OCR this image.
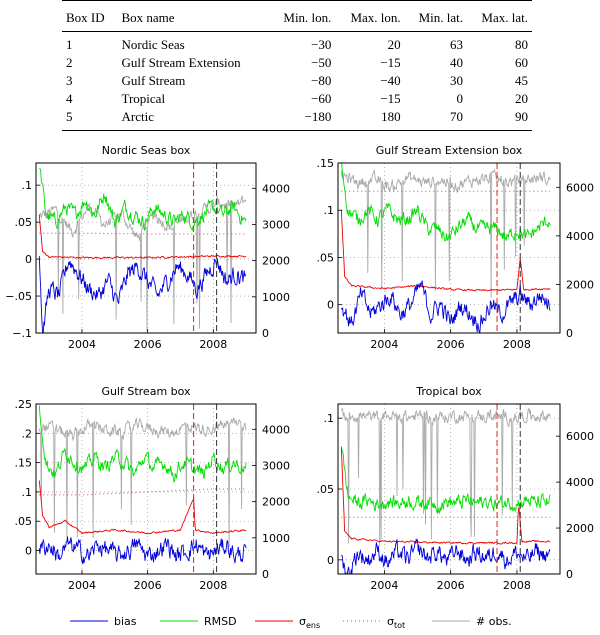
Box ID	Box name	Min. lon.	Max. lon.	Min. lat.	Max. lat.
1	Nordic Seas	−30	20	63	80
2	Gulf Stream Extension	−50	−15	40	60
3	Gulf Stream	−80	−40	30	45
4	Tropical	−60	−15	0	20
5	Arctic	−180	180	70	90
Nordic Seas box
2004	2006	2008
−.1
−.05
0
.05
.1
0
1000
2000
3000
4000
Gulf Stream Extension box
2004	2006	2008
0
.05
.1
.15
0
2000
4000
6000
Gulf Stream box
2004	2006	2008
0
.05
.1
.15
.2
.25
0
1000
2000
3000
4000
Tropical box
2004	2006	2008
0
.05
.1
0
2000
4000
6000
bias	RMSD	$\sigma_{ens}$	$\sigma_{tot}$	# obs.
